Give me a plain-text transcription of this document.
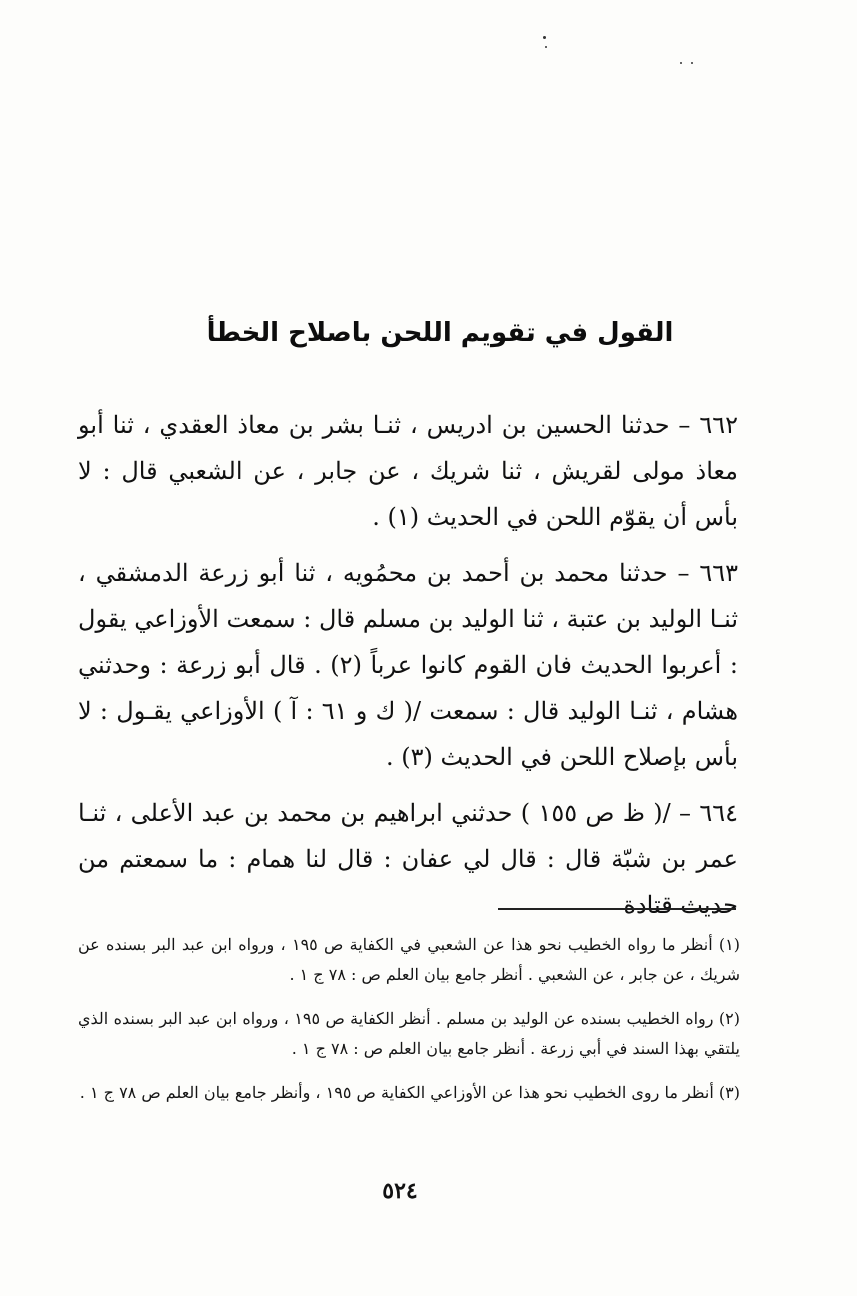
القول في تقويم اللحن باصلاح الخطأ

٦٦٢ – حدثنا الحسين بن ادريس ، ثنـا بشر بن معاذ العقدي ، ثنا أبو معاذ مولى لقريش ، ثنا شريك ، عن جابر ، عن الشعبي قال : لا بأس أن يقوّم اللحن في الحديث (١) .

٦٦٣ – حدثنا محمد بن أحمد بن محمُويه ، ثنا أبو زرعة الدمشقي ، ثنـا الوليد بن عتبة ، ثنا الوليد بن مسلم قال : سمعت الأوزاعي يقول : أعربوا الحديث فان القوم كانوا عرباً (٢) . قال أبو زرعة : وحدثني هشام ، ثنـا الوليد قال : سمعت /( ك و ٦١ : آ ) الأوزاعي يقـول : لا بأس بإصلاح اللحن في الحديث (٣) .

٦٦٤ – /( ظ ص ١٥٥ ) حدثني ابراهيم بن محمد بن عبد الأعلى ، ثنـا عمر بن شبّة قال : قال لي عفان : قال لنا همام : ما سمعتم من حديث قتادة

(١) أنظر ما رواه الخطيب نحو هذا عن الشعبي في الكفاية ص ١٩٥ ، ورواه ابن عبد البر بسنده عن شريك ، عن جابر ، عن الشعبي . أنظر جامع بيان العلم ص : ٧٨ ج ١ .

(٢) رواه الخطيب بسنده عن الوليد بن مسلم . أنظر الكفاية ص ١٩٥ ، ورواه ابن عبد البر بسنده الذي يلتقي بهذا السند في أبي زرعة . أنظر جامع بيان العلم ص : ٧٨ ج ١ .

(٣) أنظر ما روى الخطيب نحو هذا عن الأوزاعي الكفاية ص ١٩٥ ، وأنظر جامع بيان العلم ص ٧٨ ج ١ .

٥٢٤
